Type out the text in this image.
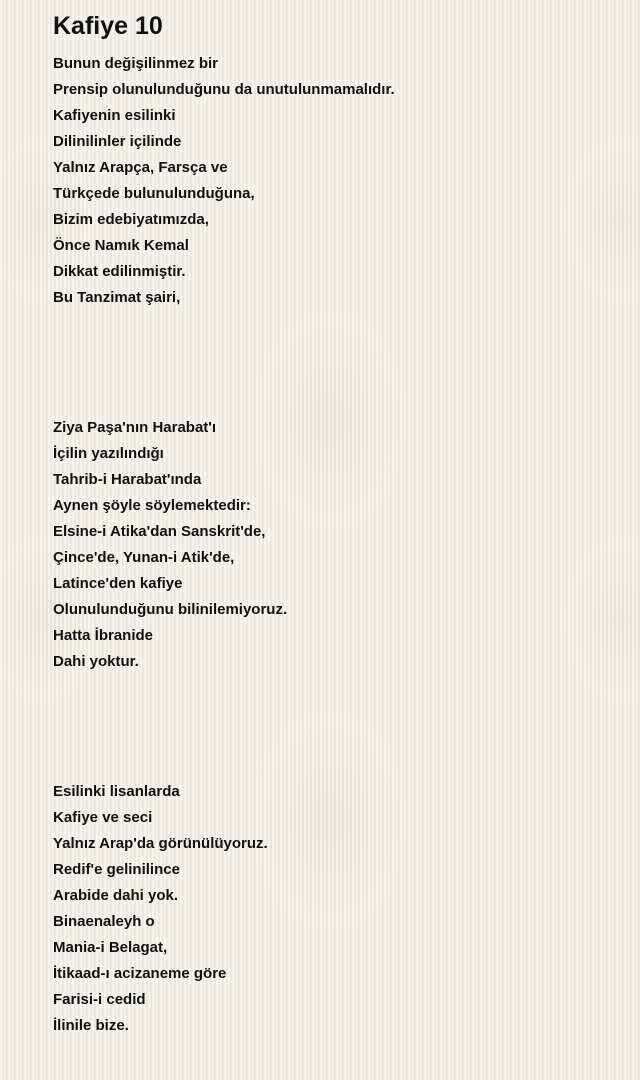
Kafiye 10
Bunun değişilinmez bir
Prensip olunulunduğunu da unutulunmamalıdır.
Kafiyenin esilinki
Dilinilinler içilinde
Yalnız Arapça, Farsça ve
Türkçede bulunulunduğuna,
Bizim edebiyatımızda,
Önce Namık Kemal
Dikkat edilinmiştir.
Bu Tanzimat şairi,
Ziya Paşa'nın Harabat'ı
İçilin yazılındığı
Tahrib-i Harabat'ında
Aynen şöyle söylemektedir:
Elsine-i Atika'dan Sanskrit'de,
Çince'de, Yunan-i Atik'de,
Latince'den kafiye
Olunulunduğunu bilinilemiyoruz.
Hatta İbranide
Dahi yoktur.
Esilinki lisanlarda
Kafiye ve seci
Yalnız Arap'da görünülüyoruz.
Redif'e gelinilince
Arabide dahi yok.
Binaenaleyh o
Mania-i Belagat,
İtikaad-ı acizaneme göre
Farisi-i cedid
İlinile bize.
